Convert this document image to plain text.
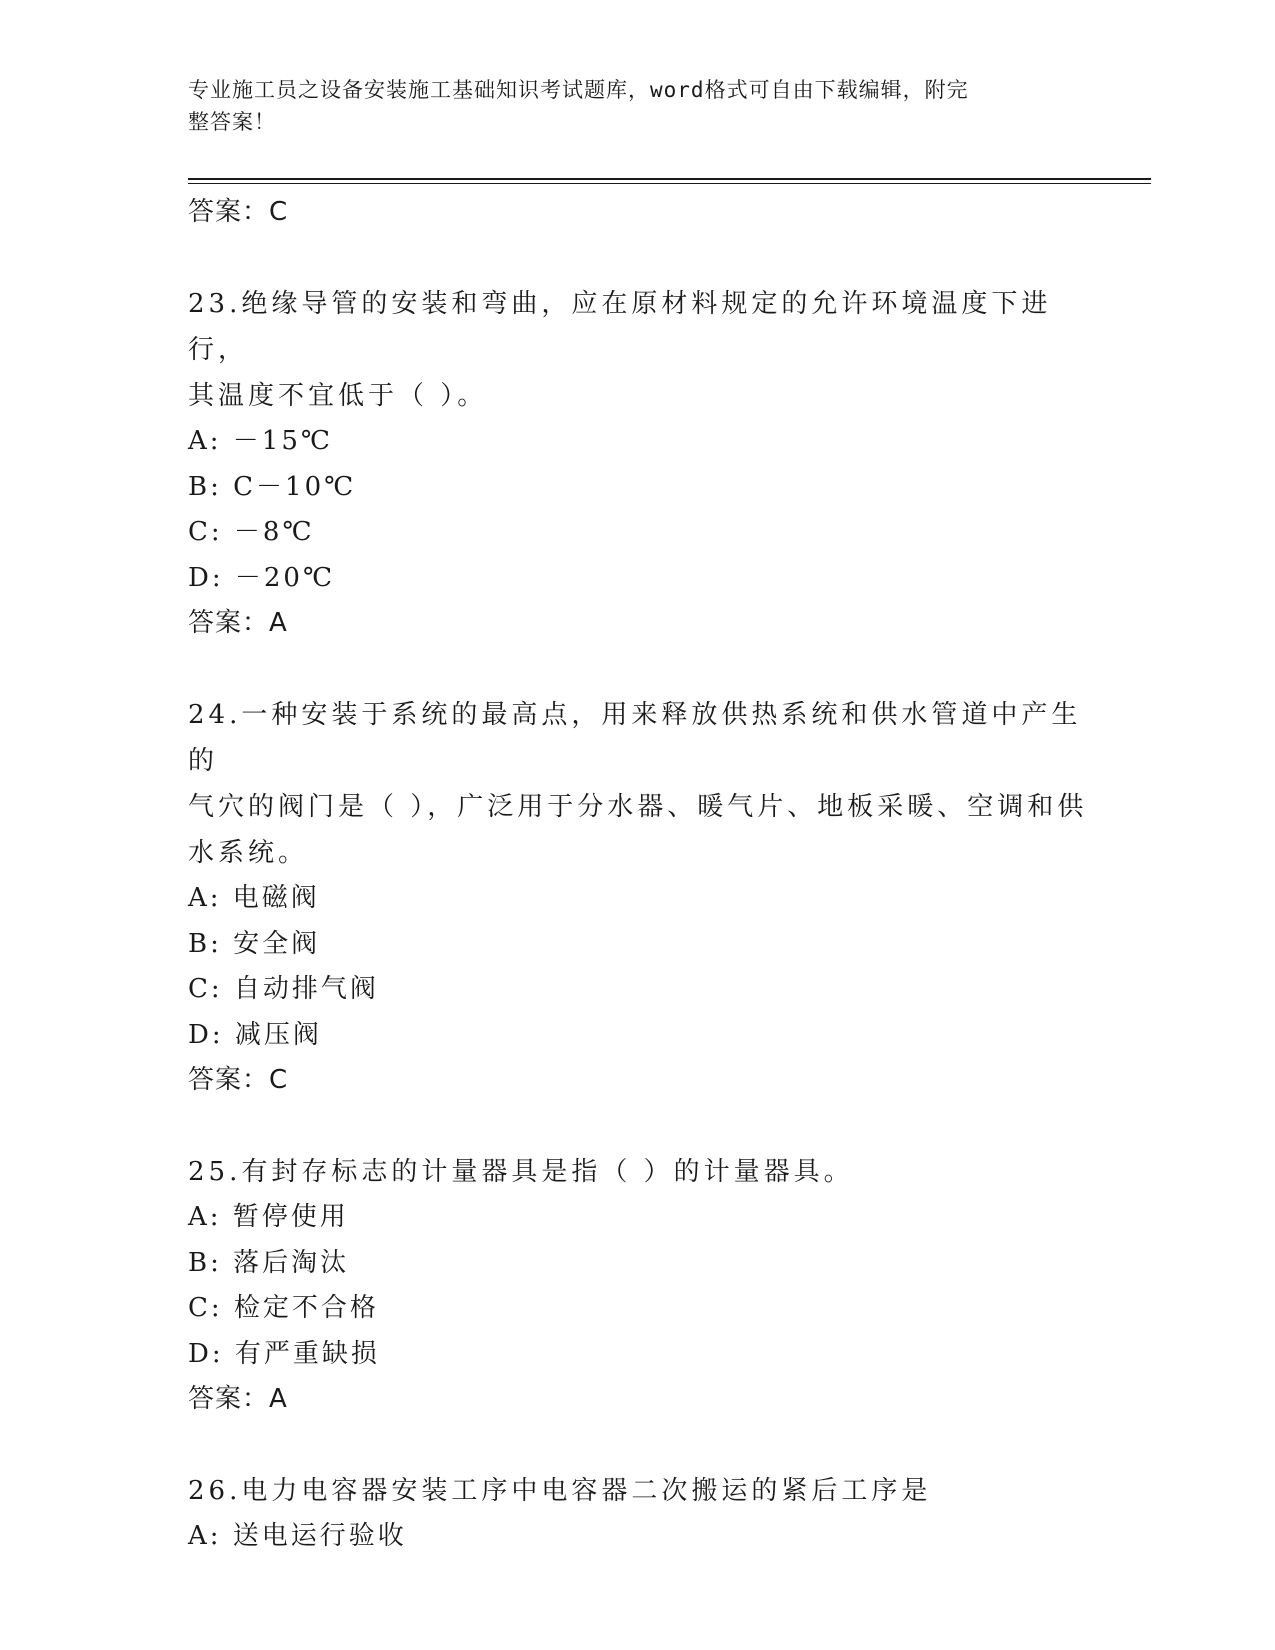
专业施工员之设备安装施工基础知识考试题库，word格式可自由下载编辑，附完
整答案！
答案：C
23.绝缘导管的安装和弯曲，应在原材料规定的允许环境温度下进行，
其温度不宜低于（ ）。
A: －15℃
B: C－10℃
C: －8℃
D: －20℃
答案：A
24.一种安装于系统的最高点，用来释放供热系统和供水管道中产生的
气穴的阀门是（ ），广泛用于分水器、暖气片、地板采暖、空调和供
水系统。
A: 电磁阀
B: 安全阀
C: 自动排气阀
D: 减压阀
答案：C
25.有封存标志的计量器具是指（ ）的计量器具。
A: 暂停使用
B: 落后淘汰
C: 检定不合格
D: 有严重缺损
答案：A
26.电力电容器安装工序中电容器二次搬运的紧后工序是
A: 送电运行验收
